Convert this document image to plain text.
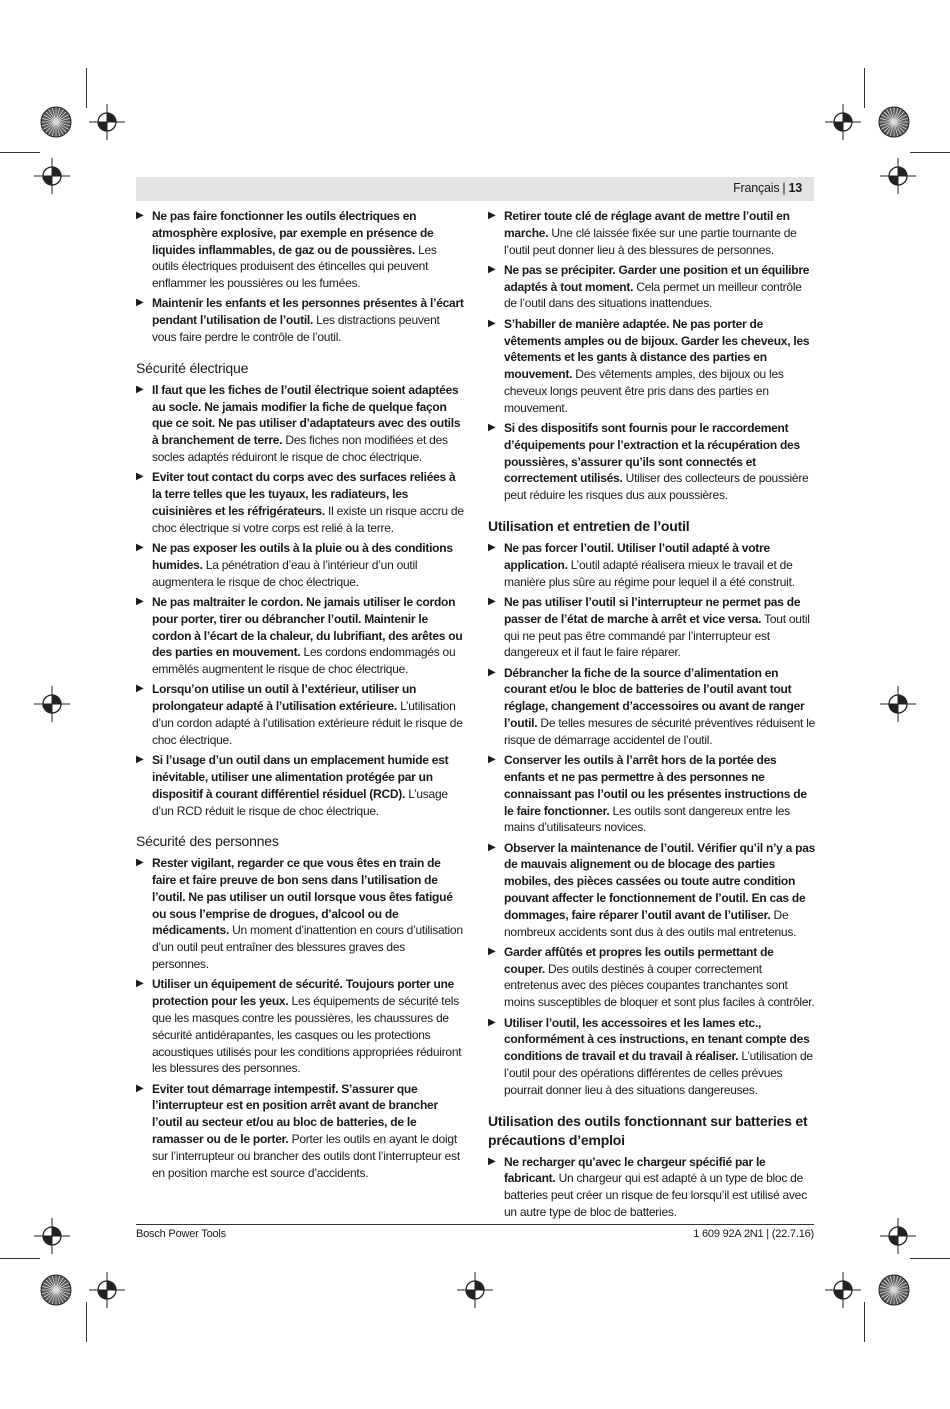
Français | 13
▶ Ne pas faire fonctionner les outils électriques en atmosphère explosive, par exemple en présence de liquides inflammables, de gaz ou de poussières. Les outils électriques produisent des étincelles qui peuvent enflammer les poussières ou les fumées.
▶ Maintenir les enfants et les personnes présentes à l’écart pendant l’utilisation de l’outil. Les distractions peuvent vous faire perdre le contrôle de l’outil.
Sécurité électrique
▶ Il faut que les fiches de l’outil électrique soient adaptées au socle. Ne jamais modifier la fiche de quelque façon que ce soit. Ne pas utiliser d’adaptateurs avec des outils à branchement de terre. Des fiches non modifiées et des socles adaptés réduiront le risque de choc électrique.
▶ Eviter tout contact du corps avec des surfaces reliées à la terre telles que les tuyaux, les radiateurs, les cuisinières et les réfrigérateurs. Il existe un risque accru de choc électrique si votre corps est relié à la terre.
▶ Ne pas exposer les outils à la pluie ou à des conditions humides. La pénétration d’eau à l’intérieur d’un outil augmentera le risque de choc électrique.
▶ Ne pas maltraiter le cordon. Ne jamais utiliser le cordon pour porter, tirer ou débrancher l’outil. Maintenir le cordon à l’écart de la chaleur, du lubrifiant, des arêtes ou des parties en mouvement. Les cordons endommagés ou emmêlés augmentent le risque de choc électrique.
▶ Lorsqu’on utilise un outil à l’extérieur, utiliser un prolongateur adapté à l’utilisation extérieure. L’utilisation d’un cordon adapté à l’utilisation extérieure réduit le risque de choc électrique.
▶ Si l’usage d’un outil dans un emplacement humide est inévitable, utiliser une alimentation protégée par un dispositif à courant différentiel résiduel (RCD). L’usage d’un RCD réduit le risque de choc électrique.
Sécurité des personnes
▶ Rester vigilant, regarder ce que vous êtes en train de faire et faire preuve de bon sens dans l’utilisation de l’outil. Ne pas utiliser un outil lorsque vous êtes fatigué ou sous l’emprise de drogues, d’alcool ou de médicaments. Un moment d’inattention en cours d’utilisation d’un outil peut entraîner des blessures graves des personnes.
▶ Utiliser un équipement de sécurité. Toujours porter une protection pour les yeux. Les équipements de sécurité tels que les masques contre les poussières, les chaussures de sécurité antidérapantes, les casques ou les protections acoustiques utilisés pour les conditions appropriées réduiront les blessures des personnes.
▶ Eviter tout démarrage intempestif. S’assurer que l’interrupteur est en position arrêt avant de brancher l’outil au secteur et/ou au bloc de batteries, de le ramasser ou de le porter. Porter les outils en ayant le doigt sur l’interrupteur ou brancher des outils dont l’interrupteur est en position marche est source d’accidents.
▶ Retirer toute clé de réglage avant de mettre l’outil en marche. Une clé laissée fixée sur une partie tournante de l’outil peut donner lieu à des blessures de personnes.
▶ Ne pas se précipiter. Garder une position et un équilibre adaptés à tout moment. Cela permet un meilleur contrôle de l’outil dans des situations inattendues.
▶ S’habiller de manière adaptée. Ne pas porter de vêtements amples ou de bijoux. Garder les cheveux, les vêtements et les gants à distance des parties en mouvement. Des vêtements amples, des bijoux ou les cheveux longs peuvent être pris dans des parties en mouvement.
▶ Si des dispositifs sont fournis pour le raccordement d’équipements pour l’extraction et la récupération des poussières, s’assurer qu’ils sont connectés et correctement utilisés. Utiliser des collecteurs de poussière peut réduire les risques dus aux poussières.
Utilisation et entretien de l’outil
▶ Ne pas forcer l’outil. Utiliser l’outil adapté à votre application. L’outil adapté réalisera mieux le travail et de manière plus sûre au régime pour lequel il a été construit.
▶ Ne pas utiliser l’outil si l’interrupteur ne permet pas de passer de l’état de marche à arrêt et vice versa. Tout outil qui ne peut pas être commandé par l’interrupteur est dangereux et il faut le faire réparer.
▶ Débrancher la fiche de la source d’alimentation en courant et/ou le bloc de batteries de l’outil avant tout réglage, changement d’accessoires ou avant de ranger l’outil. De telles mesures de sécurité préventives réduisent le risque de démarrage accidentel de l’outil.
▶ Conserver les outils à l’arrêt hors de la portée des enfants et ne pas permettre à des personnes ne connaissant pas l’outil ou les présentes instructions de le faire fonctionner. Les outils sont dangereux entre les mains d’utilisateurs novices.
▶ Observer la maintenance de l’outil. Vérifier qu’il n’y a pas de mauvais alignement ou de blocage des parties mobiles, des pièces cassées ou toute autre condition pouvant affecter le fonctionnement de l’outil. En cas de dommages, faire réparer l’outil avant de l’utiliser. De nombreux accidents sont dus à des outils mal entretenus.
▶ Garder affûtés et propres les outils permettant de couper. Des outils destinés à couper correctement entretenus avec des pièces coupantes tranchantes sont moins susceptibles de bloquer et sont plus faciles à contrôler.
▶ Utiliser l’outil, les accessoires et les lames etc., conformément à ces instructions, en tenant compte des conditions de travail et du travail à réaliser. L’utilisation de l’outil pour des opérations différentes de celles prévues pourrait donner lieu à des situations dangereuses.
Utilisation des outils fonctionnant sur batteries et précautions d’emploi
▶ Ne recharger qu’avec le chargeur spécifié par le fabricant. Un chargeur qui est adapté à un type de bloc de batteries peut créer un risque de feu lorsqu’il est utilisé avec un autre type de bloc de batteries.
Bosch Power Tools	1 609 92A 2N1 | (22.7.16)
